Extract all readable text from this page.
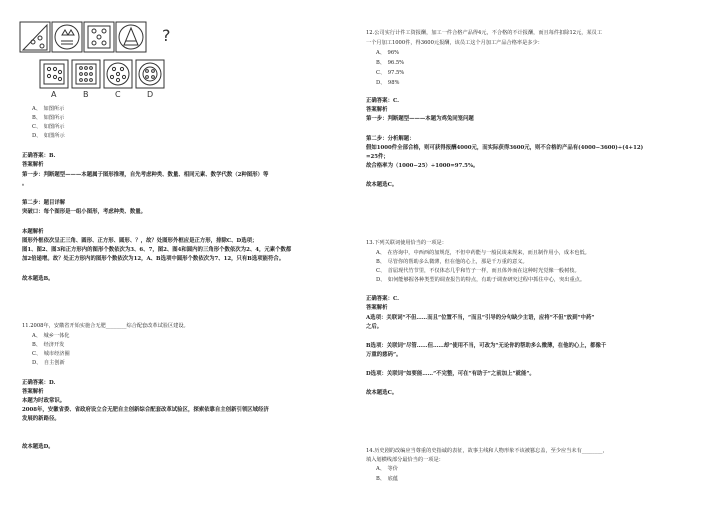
?
A	B	C	D
A、　如图所示
B、　如图所示
C、　如图所示
D、　如图所示
正确答案：B.
答案解析
第一步：判断题型———本题属于图形推理，自先考虑种类、数量、相同元素、数学代数（2种图形）等
。
第二步：题目详解
突破口：每个图形是一组小图形，考虑种类、数量。
本题解析
图形外框依次呈正三角、圆形、正方形、圆形、？，故？处图形外框应是正方形，排除C、D选项；
图1、图2、图3和正方形内的图形个数依次为3、6、7，图2、图4和圆内的三角形个数依次为2、4，元素个数都
加2倍递增。故？处正方形内的图形个数依次为12，A、B选项中圆形个数依次为7、12，只有B选项能符合。
故本题选B。
11.2008年，安徽省开始实施合无肥________综合配套改革试验区建设。
A、　城乡一体化
B、　经济开发
C、　城市经济圈
D、　自主创新
正确答案：D.
答案解析
本题为时政常识。
2008年，安徽省委、省政府设立合无肥自主创新综合配套改革试验区，探索依靠自主创新引领区域经济
发展的新路径。
故本题选D。
12.公司实行计件工资报酬，加工一件合格产品得4元，不合格的不计报酬，而且每件扣除12元，某员工
一个月加工1000件，得3600元报酬，该员工这个月加工产品合格率是多少：
A、　96%
B、　96.5%
C、　97.5%
D、　98%
正确答案：C.
答案解析
第一步：判断题型———本题为鸡兔同笼问题
第二步：分析解题：
假如1000件全部合格，则可获得报酬4000元，而实际获得3600元，则不合格的产品有(4000−3600)÷(4+12)
=25件；
故合格率为（1000−25）÷1000=97.5%。
故本题选C。
13.下列关联词使用恰当的一项是：
A、　在咨询中，中西西的加规范，不但中药能与一般民谈来规来，而且制作用小，成本也低。
B、　尽管你的帮助多么微薄，但在他的心上，那是千万重的意义。
C、　首届现代竹节里，不仅体态几乎和竹子一样，而且体外而在这种时光觉像一般树枝。
D、　如何能够握各种类型的调查报告的特点，有助于调查研究过程中抓住中心，突出重点。
正确答案：C.
答案解析
A选项：关联词“不但……而且”位置不当，“而且”引导的分句缺少主语，应将“不但”放到“中药”
之后。
B选项：关联词“尽管……但……却”使用不当，可改为“无论你的帮助多么微薄，在他的心上，都像千
万重的慈码”。
D选项：关联词“如要能……”不完整，可在“有助于”之前加上“就能”。
故本题选C。
14.历史剧的改编应当尊重的史指诚的表征，故事主线和人物形象不该被篡忘盖，至少应当未有________，
填入划横线部分最恰当的一项是：
A、　等价
B、　底蕴
